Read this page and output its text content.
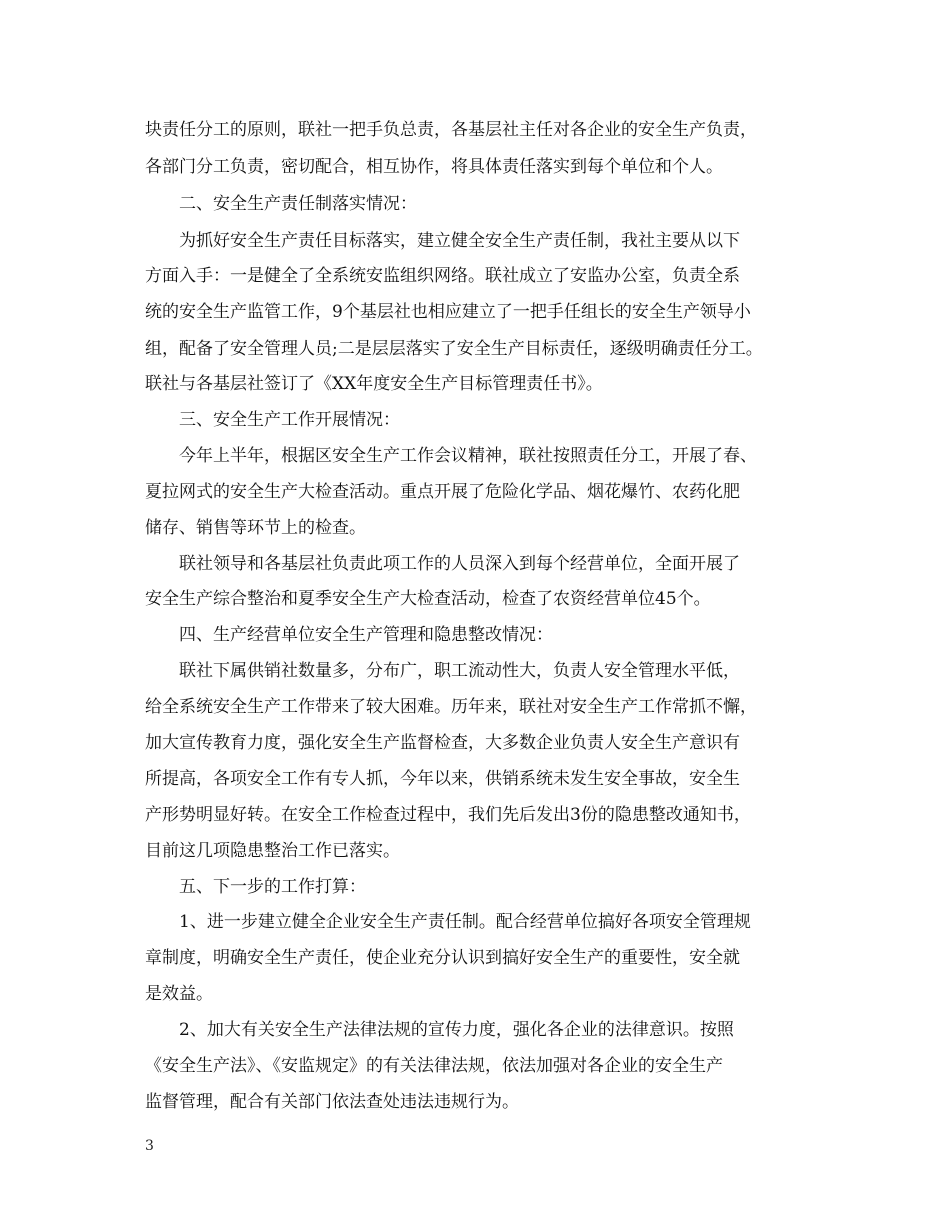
块责任分工的原则，联社一把手负总责，各基层社主任对各企业的安全生产负责，
各部门分工负责，密切配合，相互协作，将具体责任落实到每个单位和个人。
二、安全生产责任制落实情况：
为抓好安全生产责任目标落实，建立健全安全生产责任制，我社主要从以下
方面入手：一是健全了全系统安监组织网络。联社成立了安监办公室，负责全系
统的安全生产监管工作，9个基层社也相应建立了一把手任组长的安全生产领导小
组，配备了安全管理人员;二是层层落实了安全生产目标责任，逐级明确责任分工。
联社与各基层社签订了《XX年度安全生产目标管理责任书》。
三、安全生产工作开展情况：
今年上半年，根据区安全生产工作会议精神，联社按照责任分工，开展了春、
夏拉网式的安全生产大检查活动。重点开展了危险化学品、烟花爆竹、农药化肥
储存、销售等环节上的检查。
联社领导和各基层社负责此项工作的人员深入到每个经营单位，全面开展了
安全生产综合整治和夏季安全生产大检查活动，检查了农资经营单位45个。
四、生产经营单位安全生产管理和隐患整改情况：
联社下属供销社数量多，分布广，职工流动性大，负责人安全管理水平低，
给全系统安全生产工作带来了较大困难。历年来，联社对安全生产工作常抓不懈，
加大宣传教育力度，强化安全生产监督检查，大多数企业负责人安全生产意识有
所提高，各项安全工作有专人抓，今年以来，供销系统未发生安全事故，安全生
产形势明显好转。在安全工作检查过程中，我们先后发出3份的隐患整改通知书，
目前这几项隐患整治工作已落实。
五、下一步的工作打算：
1、进一步建立健全企业安全生产责任制。配合经营单位搞好各项安全管理规
章制度，明确安全生产责任，使企业充分认识到搞好安全生产的重要性，安全就
是效益。
2、加大有关安全生产法律法规的宣传力度，强化各企业的法律意识。按照
《安全生产法》、《安监规定》的有关法律法规，依法加强对各企业的安全生产
监督管理，配合有关部门依法查处违法违规行为。
3
